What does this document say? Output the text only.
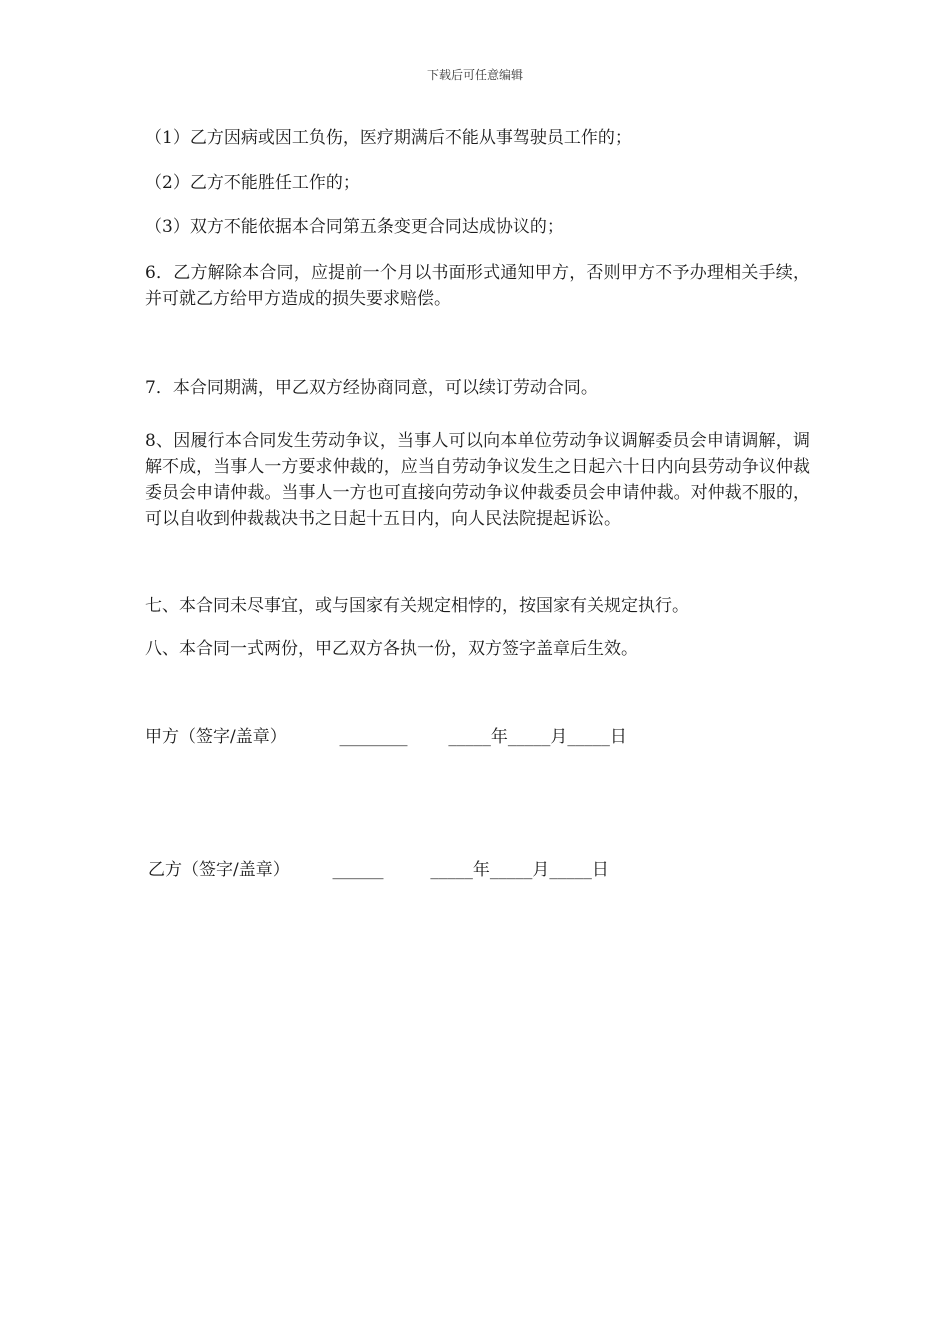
下载后可任意编辑
（1）乙方因病或因工负伤，医疗期满后不能从事驾驶员工作的；
（2）乙方不能胜任工作的；
（3）双方不能依据本合同第五条变更合同达成协议的；
6．乙方解除本合同，应提前一个月以书面形式通知甲方，否则甲方不予办理相关手续，并可就乙方给甲方造成的损失要求赔偿。
7．本合同期满，甲乙双方经协商同意，可以续订劳动合同。
8、因履行本合同发生劳动争议，当事人可以向本单位劳动争议调解委员会申请调解，调解不成，当事人一方要求仲裁的，应当自劳动争议发生之日起六十日内向县劳动争议仲裁委员会申请仲裁。当事人一方也可直接向劳动争议仲裁委员会申请仲裁。对仲裁不服的，可以自收到仲裁裁决书之日起十五日内，向人民法院提起诉讼。
七、本合同未尽事宜，或与国家有关规定相悖的，按国家有关规定执行。
八、本合同一式两份，甲乙双方各执一份，双方签字盖章后生效。
甲方（签字/盖章）	________ _____年_____月_____日
乙方（签字/盖章）	______	_____年_____月_____日
